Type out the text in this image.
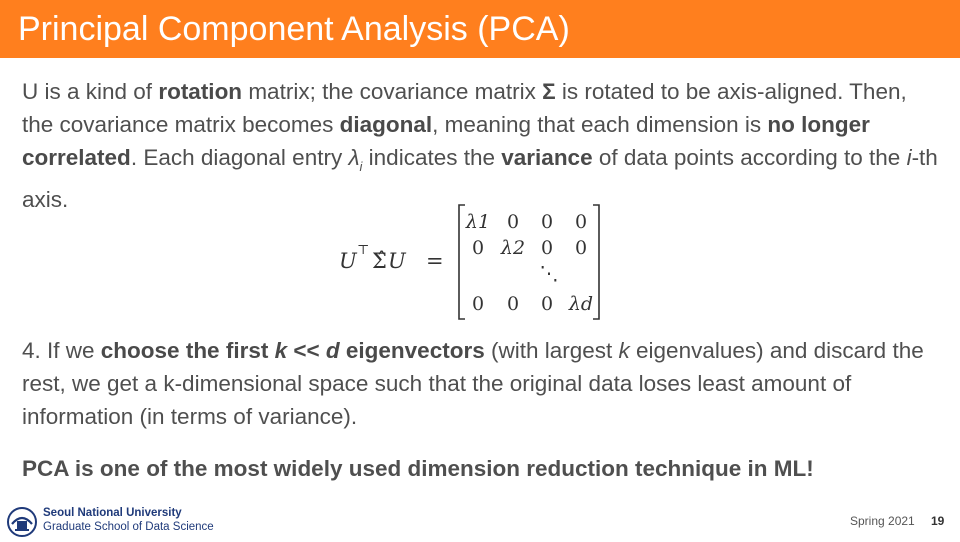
Principal Component Analysis (PCA)

U is a kind of rotation matrix; the covariance matrix Σ is rotated to be axis-aligned. Then, the covariance matrix becomes diagonal, meaning that each dimension is no longer correlated. Each diagonal entry $\lambda_i$ indicates the variance of data points according to the i-th axis.

U ⊤ Σ̂ U =
λ1 0 0 0
0 λ2 0 0
⋱
0 0 0 λd

4. If we choose the first k << d eigenvectors (with largest k eigenvalues) and discard the rest, we get a k-dimensional space such that the original data loses least amount of information (in terms of variance).

PCA is one of the most widely used dimension reduction technique in ML!

Seoul National University
Graduate School of Data Science	Spring 2021 19
